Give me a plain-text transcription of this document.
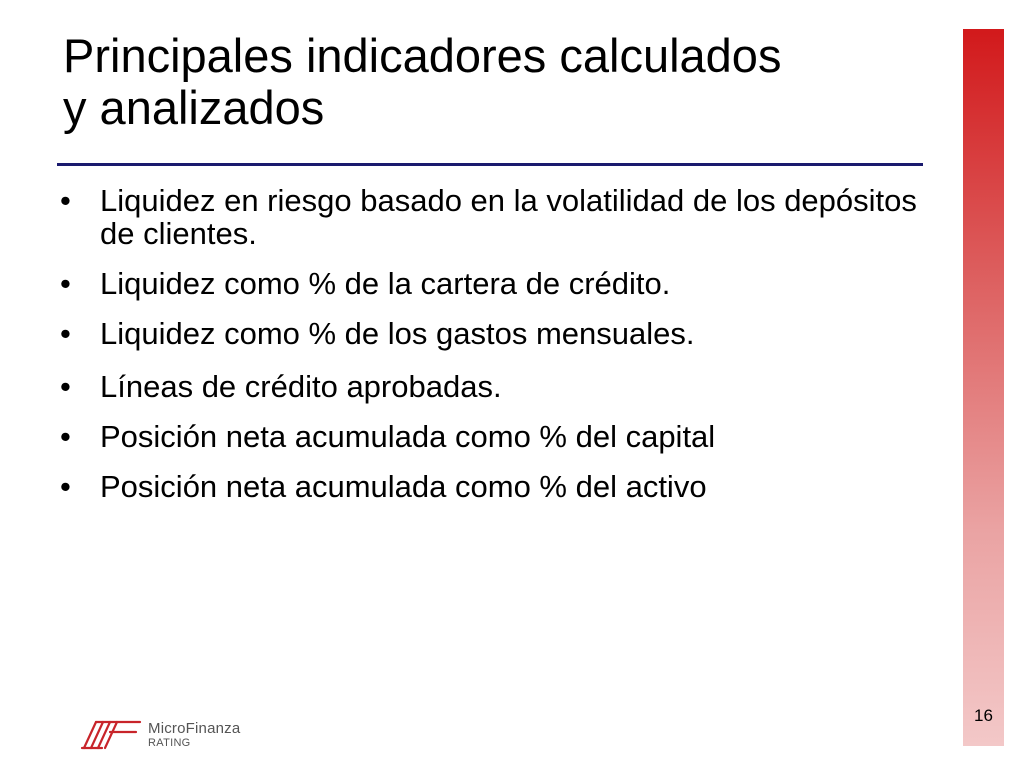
Principales indicadores calculados
y analizados
• Liquidez en riesgo basado en la volatilidad de los depósitos de clientes.
• Liquidez como % de la cartera de crédito.
• Liquidez como % de los gastos mensuales.
• Líneas de crédito aprobadas.
• Posición neta acumulada como % del capital
• Posición neta acumulada como % del activo
16
MicroFinanza
RATING
